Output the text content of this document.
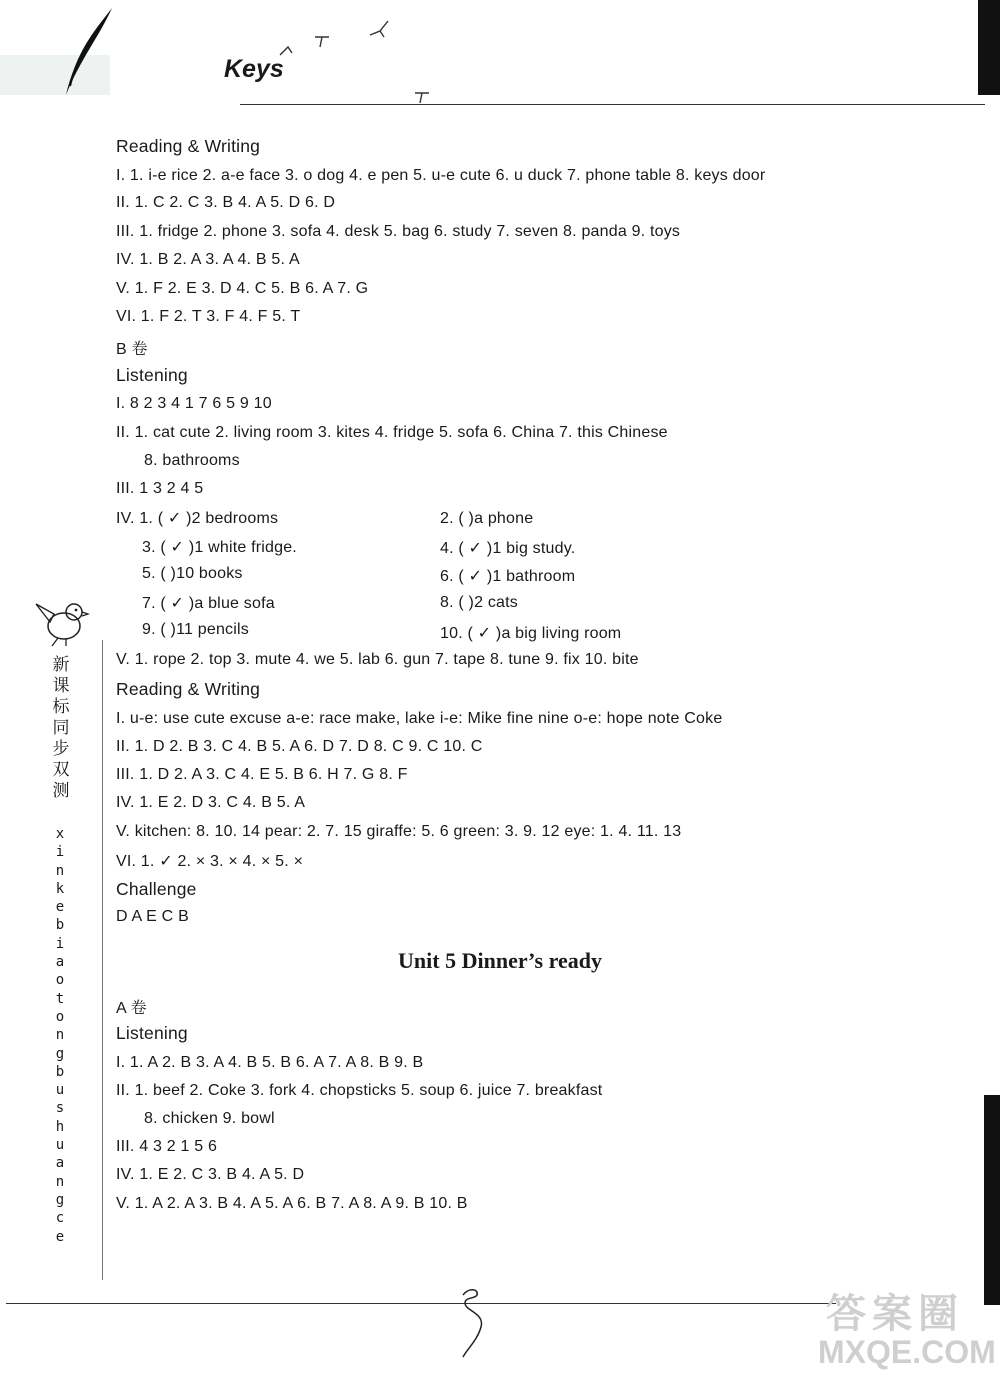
Keys
Reading & Writing
I. 1. i-e rice 2. a-e face 3. o dog 4. e pen 5. u-e cute 6. u duck 7. phone table 8. keys door
II. 1. C 2. C 3. B 4. A 5. D 6. D
III. 1. fridge 2. phone 3. sofa 4. desk 5. bag 6. study 7. seven 8. panda 9. toys
IV. 1. B 2. A 3. A 4. B 5. A
V. 1. F 2. E 3. D 4. C 5. B 6. A 7. G
VI. 1. F 2. T 3. F 4. F 5. T
B 卷
Listening
I. 8 2 3 4 1 7 6 5 9 10
II. 1. cat cute 2. living room 3. kites 4. fridge 5. sofa 6. China 7. this Chinese
8. bathrooms
III. 1 3 2 4 5
IV. 1. ( ✓ )2 bedrooms
3. ( ✓ )1 white fridge.
5. ( )10 books
7. ( ✓ )a blue sofa
9. ( )11 pencils
2. ( )a phone
4. ( ✓ )1 big study.
6. ( ✓ )1 bathroom
8. ( )2 cats
10. ( ✓ )a big living room
V. 1. rope 2. top 3. mute 4. we 5. lab 6. gun 7. tape 8. tune 9. fix 10. bite
Reading & Writing
I. u-e: use cute excuse a-e: race make, lake i-e: Mike fine nine o-e: hope note Coke
II. 1. D 2. B 3. C 4. B 5. A 6. D 7. D 8. C 9. C 10. C
III. 1. D 2. A 3. C 4. E 5. B 6. H 7. G 8. F
IV. 1. E 2. D 3. C 4. B 5. A
V. kitchen: 8. 10. 14 pear: 2. 7. 15 giraffe: 5. 6 green: 3. 9. 12 eye: 1. 4. 11. 13
VI. 1. ✓ 2. × 3. × 4. × 5. ×
Challenge
D A E C B
Unit 5 Dinner’s ready
A 卷
Listening
I. 1. A 2. B 3. A 4. B 5. B 6. A 7. A 8. B 9. B
II. 1. beef 2. Coke 3. fork 4. chopsticks 5. soup 6. juice 7. breakfast
8. chicken 9. bowl
III. 4 3 2 1 5 6
IV. 1. E 2. C 3. B 4. A 5. D
V. 1. A 2. A 3. B 4. A 5. A 6. B 7. A 8. A 9. B 10. B
新
课
标
同
步
双
测
x
i
n
k
e
b
i
a
o
t
o
n
g
b
u
s
h
u
a
n
g
c
e
答案圈
MXQE.COM
